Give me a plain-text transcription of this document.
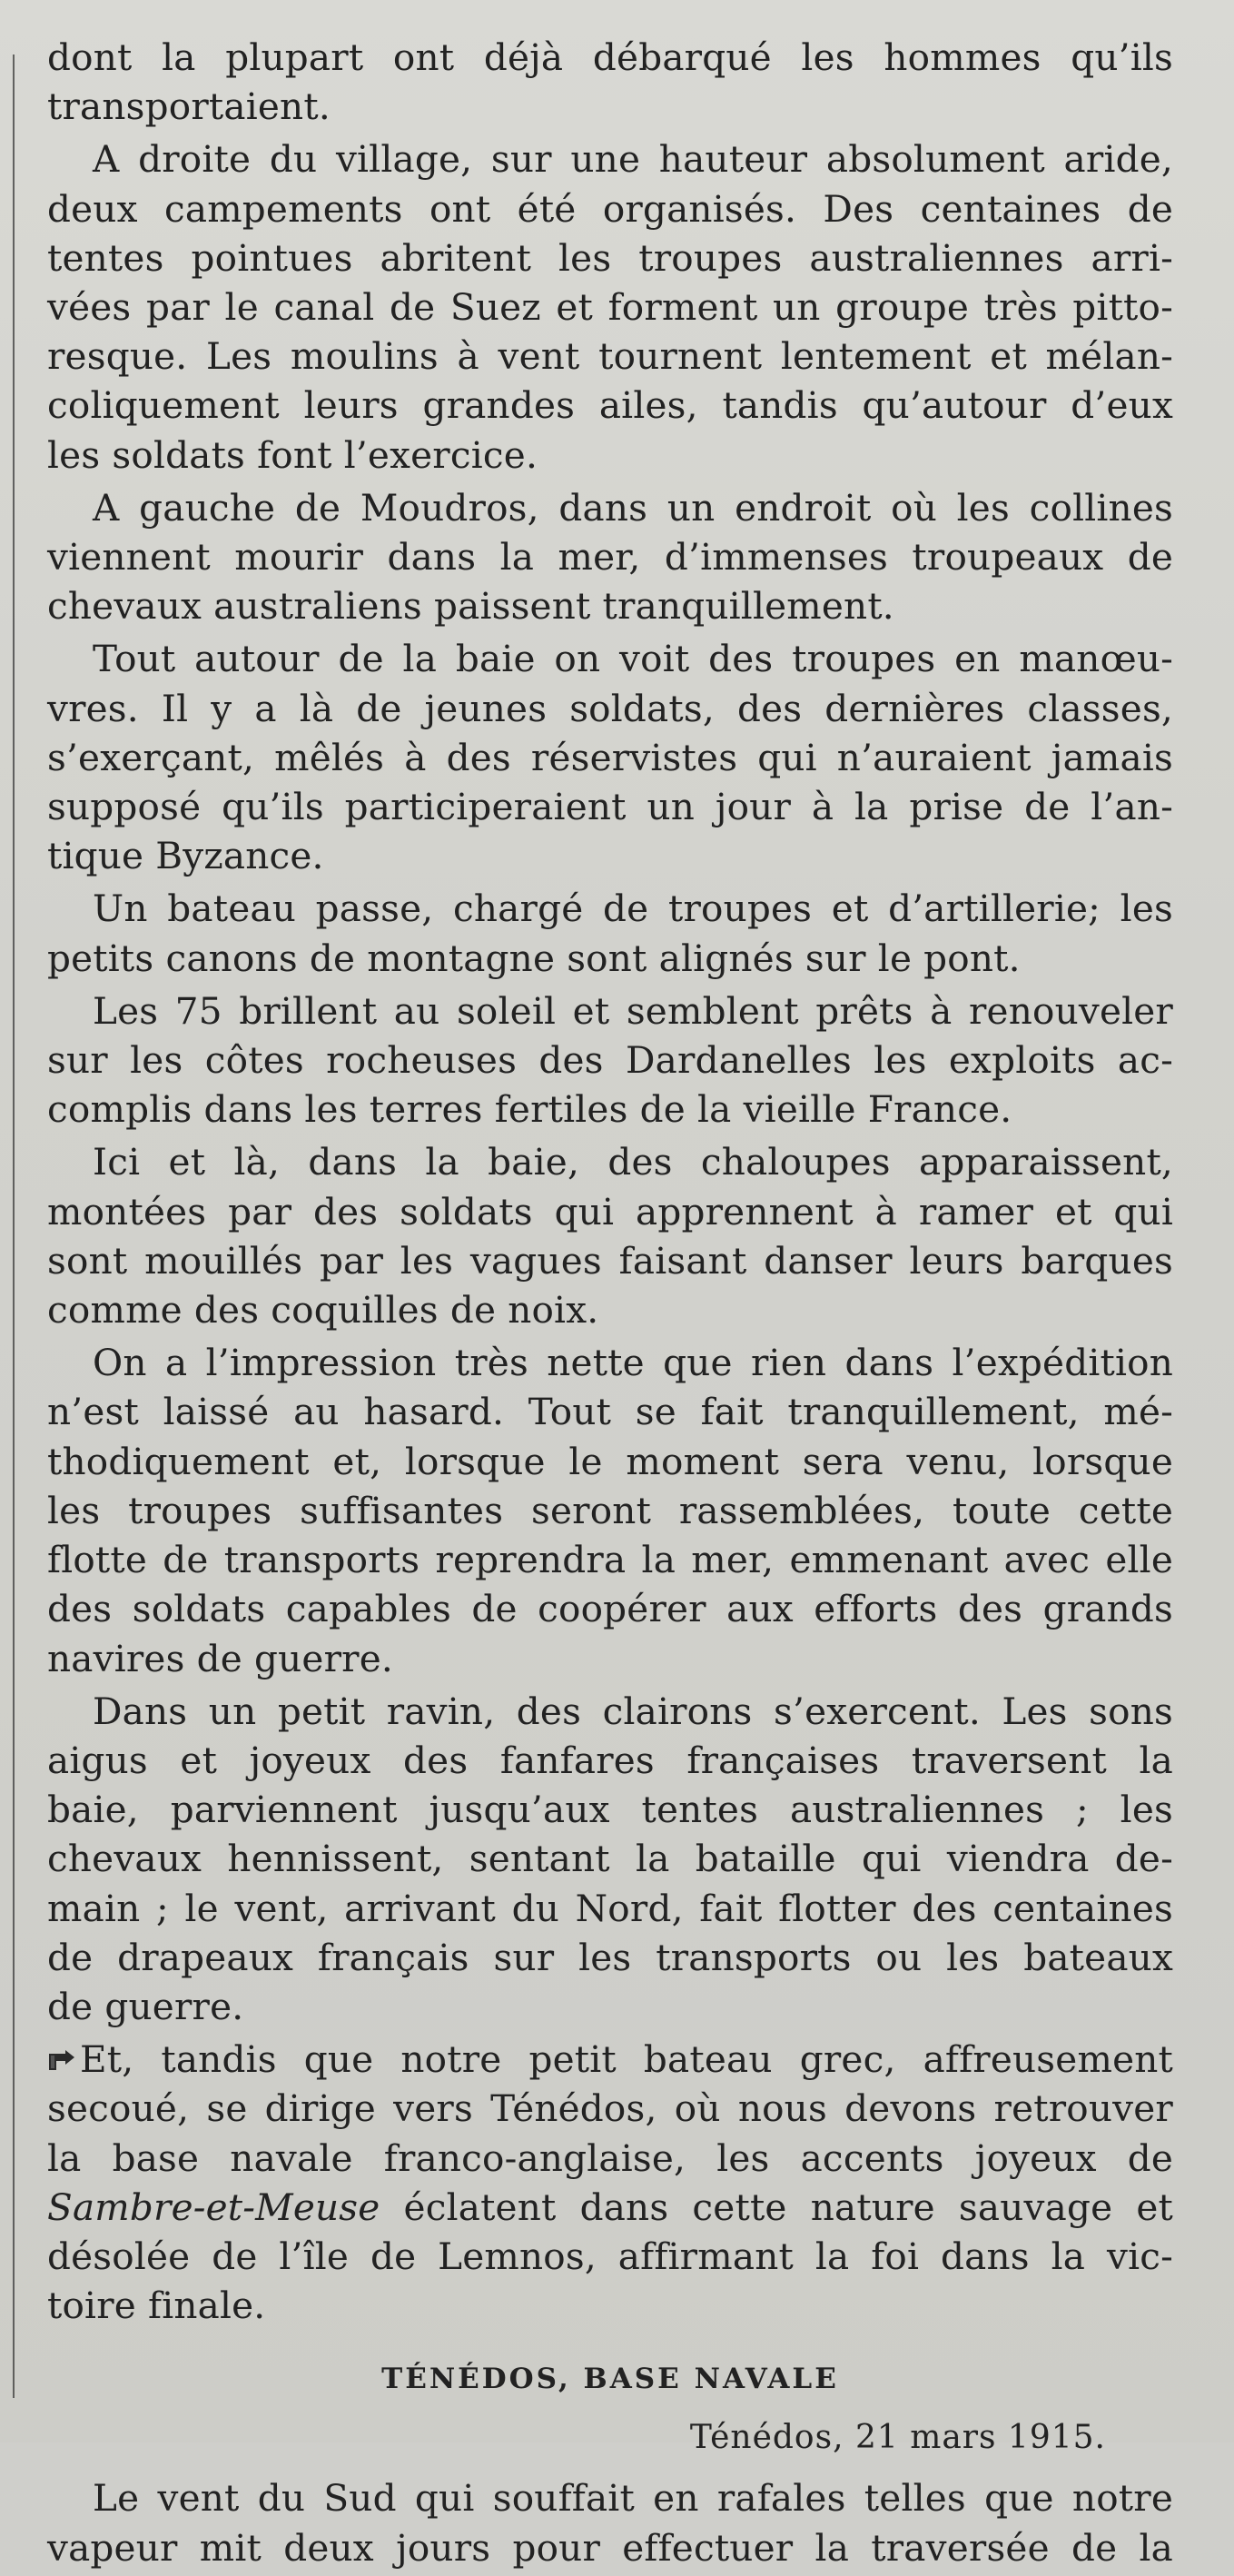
dont la plupart ont déjà débarqué les hommes qu’ils
transportaient.
A droite du village, sur une hauteur absolument aride,
deux campements ont été organisés. Des centaines de
tentes pointues abritent les troupes australiennes arri-
vées par le canal de Suez et forment un groupe très pitto-
resque. Les moulins à vent tournent lentement et mélan-
coliquement leurs grandes ailes, tandis qu’autour d’eux
les soldats font l’exercice.
A gauche de Moudros, dans un endroit où les collines
viennent mourir dans la mer, d’immenses troupeaux de
chevaux australiens paissent tranquillement.
Tout autour de la baie on voit des troupes en manœu-
vres. Il y a là de jeunes soldats, des dernières classes,
s’exerçant, mêlés à des réservistes qui n’auraient jamais
supposé qu’ils participeraient un jour à la prise de l’an-
tique Byzance.
Un bateau passe, chargé de troupes et d’artillerie; les
petits canons de montagne sont alignés sur le pont.
Les 75 brillent au soleil et semblent prêts à renouveler
sur les côtes rocheuses des Dardanelles les exploits ac-
complis dans les terres fertiles de la vieille France.
Ici et là, dans la baie, des chaloupes apparaissent,
montées par des soldats qui apprennent à ramer et qui
sont mouillés par les vagues faisant danser leurs barques
comme des coquilles de noix.
On a l’impression très nette que rien dans l’expédition
n’est laissé au hasard. Tout se fait tranquillement, mé-
thodiquement et, lorsque le moment sera venu, lorsque
les troupes suffisantes seront rassemblées, toute cette
flotte de transports reprendra la mer, emmenant avec elle
des soldats capables de coopérer aux efforts des grands
navires de guerre.
Dans un petit ravin, des clairons s’exercent. Les sons
aigus et joyeux des fanfares françaises traversent la
baie, parviennent jusqu’aux tentes australiennes ; les
chevaux hennissent, sentant la bataille qui viendra de-
main ; le vent, arrivant du Nord, fait flotter des centaines
de drapeaux français sur les transports ou les bateaux
de guerre.
Et, tandis que notre petit bateau grec, affreusement
secoué, se dirige vers Ténédos, où nous devons retrouver
la base navale franco-anglaise, les accents joyeux de
Sambre-et-Meuse éclatent dans cette nature sauvage et
désolée de l’île de Lemnos, affirmant la foi dans la vic-
toire finale.
TÉNÉDOS, BASE NAVALE
Ténédos, 21 mars 1915.
Le vent du Sud qui souffait en rafales telles que notre
vapeur mit deux jours pour effectuer la traversée de la
